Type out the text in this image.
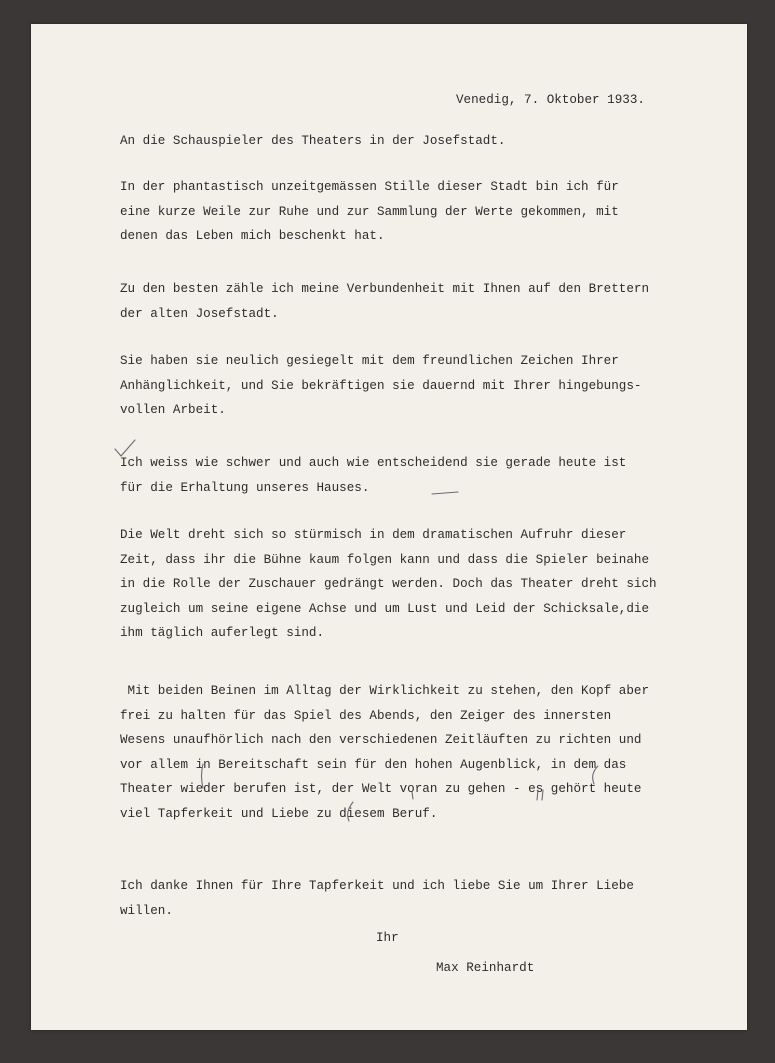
Venedig, 7. Oktober 1933.

An die Schauspieler des Theaters in der Josefstadt.

In der phantastisch unzeitgemässen Stille dieser Stadt bin ich für
eine kurze Weile zur Ruhe und zur Sammlung der Werte gekommen, mit
denen das Leben mich beschenkt hat.

Zu den besten zähle ich meine Verbundenheit mit Ihnen auf den Brettern
der alten Josefstadt.

Sie haben sie neulich gesiegelt mit dem freundlichen Zeichen Ihrer
Anhänglichkeit, und Sie bekräftigen sie dauernd mit Ihrer hingebungs-
vollen Arbeit.

Ich weiss wie schwer und auch wie entscheidend sie gerade heute ist
für die Erhaltung unseres Hauses.

Die Welt dreht sich so stürmisch in dem dramatischen Aufruhr dieser
Zeit, dass ihr die Bühne kaum folgen kann und dass die Spieler beinahe
in die Rolle der Zuschauer gedrängt werden. Doch das Theater dreht sich
zugleich um seine eigene Achse und um Lust und Leid der Schicksale,die
ihm täglich auferlegt sind.

Mit beiden Beinen im Alltag der Wirklichkeit zu stehen, den Kopf aber
frei zu halten für das Spiel des Abends, den Zeiger des innersten
Wesens unaufhörlich nach den verschiedenen Zeitläuften zu richten und
vor allem in Bereitschaft sein für den hohen Augenblick, in dem das
Theater wieder berufen ist, der Welt voran zu gehen - es gehört heute
viel Tapferkeit und Liebe zu diesem Beruf.

Ich danke Ihnen für Ihre Tapferkeit und ich liebe Sie um Ihrer Liebe
willen.

Ihr

Max Reinhardt
